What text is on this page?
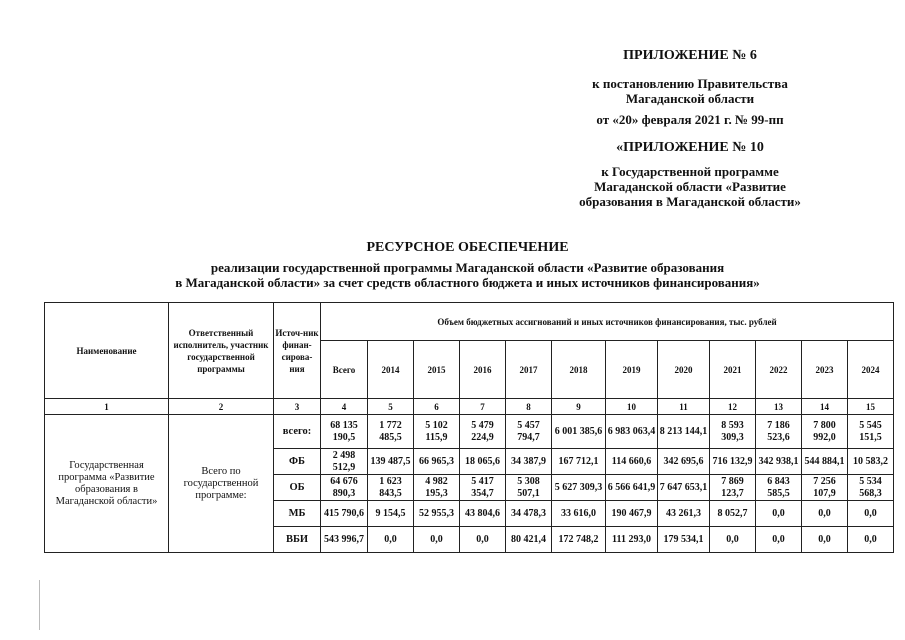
ПРИЛОЖЕНИЕ № 6
к постановлению Правительства
Магаданской области
от «20» февраля 2021 г. № 99-пп
«ПРИЛОЖЕНИЕ № 10
к Государственной программе
Магаданской области «Развитие
образования в Магаданской области»
РЕСУРСНОЕ ОБЕСПЕЧЕНИЕ
реализации государственной программы Магаданской области «Развитие образования
в Магаданской области» за счет средств областного бюджета и иных источников финансирования»
Наименование	Ответственный исполнитель, участник государственной программы	Источ-ник финан-сирова-ния	Объем бюджетных ассигнований и иных источников финансирования, тыс. рублей											
			Всего	2014	2015	2016	2017	2018	2019	2020	2021	2022	2023	2024
1	2	3	4	5	6	7	8	9	10	11	12	13	14	15
Государственная программа «Развитие образования в Магаданской области»	Всего по государственной программе:	всего:	68 135 190,5	1 772 485,5	5 102 115,9	5 479 224,9	5 457 794,7	6 001 385,6	6 983 063,4	8 213 144,1	8 593 309,3	7 186 523,6	7 800 992,0	5 545 151,5
		ФБ	2 498 512,9	139 487,5	66 965,3	18 065,6	34 387,9	167 712,1	114 660,6	342 695,6	716 132,9	342 938,1	544 884,1	10 583,2
		ОБ	64 676 890,3	1 623 843,5	4 982 195,3	5 417 354,7	5 308 507,1	5 627 309,3	6 566 641,9	7 647 653,1	7 869 123,7	6 843 585,5	7 256 107,9	5 534 568,3
		МБ	415 790,6	9 154,5	52 955,3	43 804,6	34 478,3	33 616,0	190 467,9	43 261,3	8 052,7	0,0	0,0	0,0
		ВБИ	543 996,7	0,0	0,0	0,0	80 421,4	172 748,2	111 293,0	179 534,1	0,0	0,0	0,0	0,0
